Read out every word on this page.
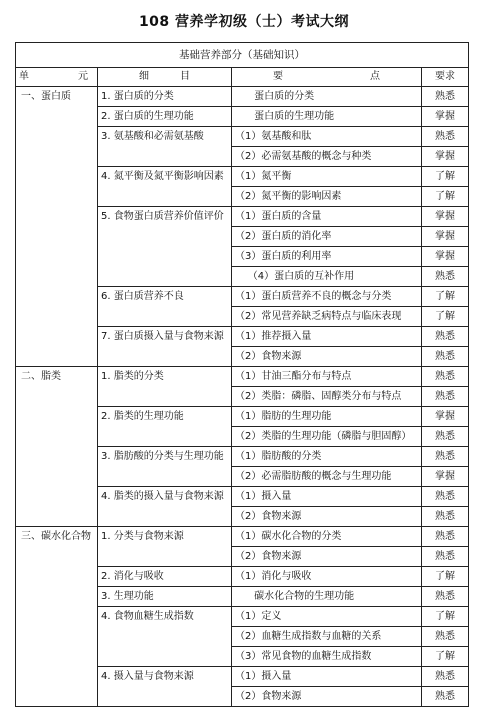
108 营养学初级（士）考试大纲
基础营养部分（基础知识）			

单 元	细 目	要 点	要求
一、蛋白质	1. 蛋白质的分类	蛋白质的分类	熟悉
	2. 蛋白质的生理功能	蛋白质的生理功能	掌握
	3. 氨基酸和必需氨基酸	（1）氨基酸和肽	熟悉
		（2）必需氨基酸的概念与种类	掌握
	4. 氮平衡及氮平衡影响因素	（1）氮平衡	了解
		（2）氮平衡的影响因素	了解
	5. 食物蛋白质营养价值评价	（1）蛋白质的含量	掌握
		（2）蛋白质的消化率	掌握
		（3）蛋白质的利用率	掌握
		（4）蛋白质的互补作用	熟悉
	6. 蛋白质营养不良	（1）蛋白质营养不良的概念与分类	了解
		（2）常见营养缺乏病特点与临床表现	了解
	7. 蛋白质摄入量与食物来源	（1）推荐摄入量	熟悉
		（2）食物来源	熟悉
二、脂类	1. 脂类的分类	（1）甘油三酯分布与特点	熟悉
		（2）类脂：磷脂、固醇类分布与特点	熟悉
	2. 脂类的生理功能	（1）脂肪的生理功能	掌握
		（2）类脂的生理功能（磷脂与胆固醇）	熟悉
	3. 脂肪酸的分类与生理功能	（1）脂肪酸的分类	熟悉
		（2）必需脂肪酸的概念与生理功能	掌握
	4. 脂类的摄入量与食物来源	（1）摄入量	熟悉
		（2）食物来源	熟悉
三、碳水化合物	1. 分类与食物来源	（1）碳水化合物的分类	熟悉
		（2）食物来源	熟悉
	2. 消化与吸收	（1）消化与吸收	了解
	3. 生理功能	碳水化合物的生理功能	熟悉
	4. 食物血糖生成指数	（1）定义	了解
		（2）血糖生成指数与血糖的关系	熟悉
		（3）常见食物的血糖生成指数	了解
	4. 摄入量与食物来源	（1）摄入量	熟悉
		（2）食物来源	熟悉
